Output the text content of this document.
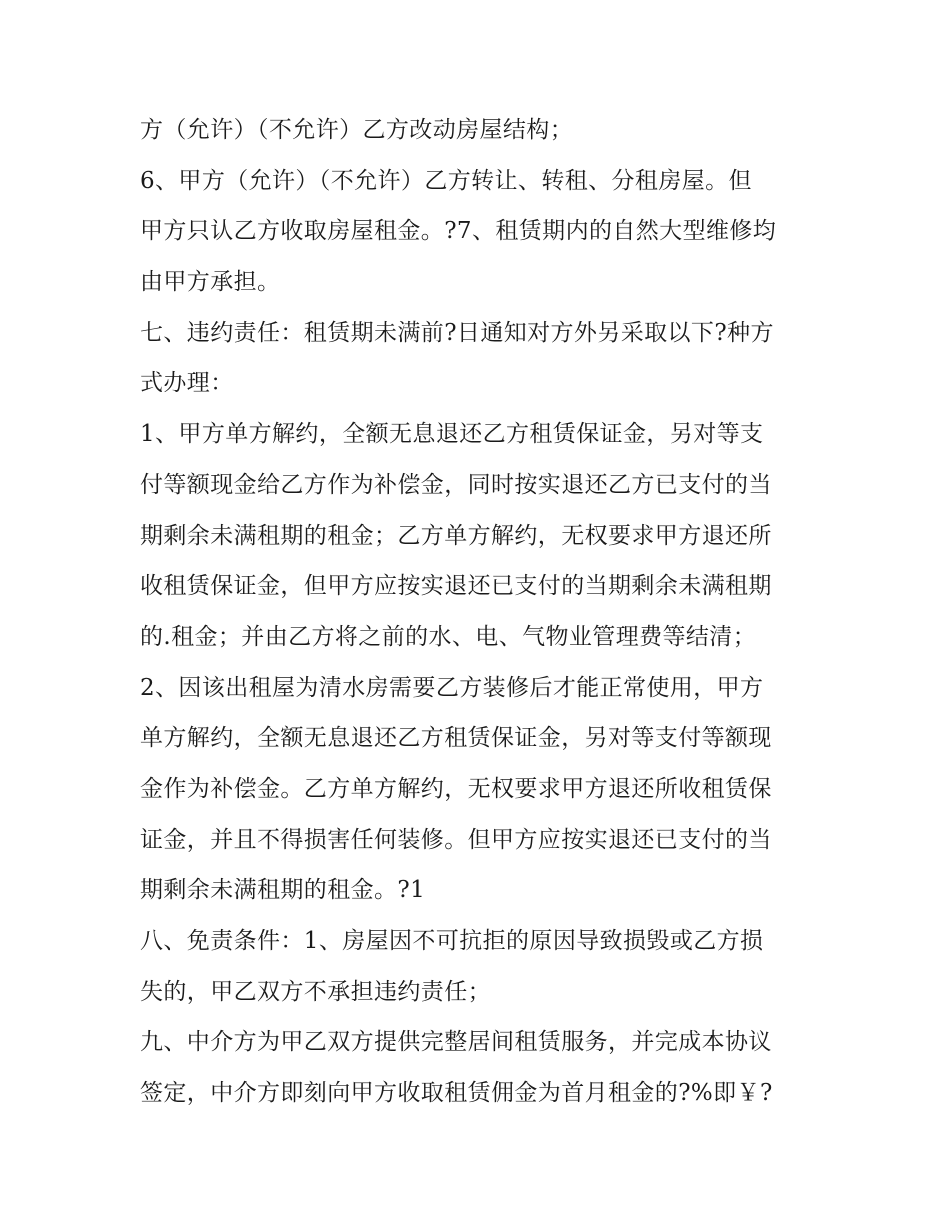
方（允许）（不允许）乙方改动房屋结构；
6、甲方（允许）（不允许）乙方转让、转租、分租房屋。但
甲方只认乙方收取房屋租金。?7、租赁期内的自然大型维修均
由甲方承担。
七、违约责任：租赁期未满前?日通知对方外另采取以下?种方
式办理：
1、甲方单方解约，全额无息退还乙方租赁保证金，另对等支
付等额现金给乙方作为补偿金，同时按实退还乙方已支付的当
期剩余未满租期的租金；乙方单方解约，无权要求甲方退还所
收租赁保证金，但甲方应按实退还已支付的当期剩余未满租期
的.租金；并由乙方将之前的水、电、气物业管理费等结清；
2、因该出租屋为清水房需要乙方装修后才能正常使用，甲方
单方解约，全额无息退还乙方租赁保证金，另对等支付等额现
金作为补偿金。乙方单方解约，无权要求甲方退还所收租赁保
证金，并且不得损害任何装修。但甲方应按实退还已支付的当
期剩余未满租期的租金。?1
八、免责条件：1、房屋因不可抗拒的原因导致损毁或乙方损
失的，甲乙双方不承担违约责任；
九、中介方为甲乙双方提供完整居间租赁服务，并完成本协议
签定，中介方即刻向甲方收取租赁佣金为首月租金的?%即￥?
